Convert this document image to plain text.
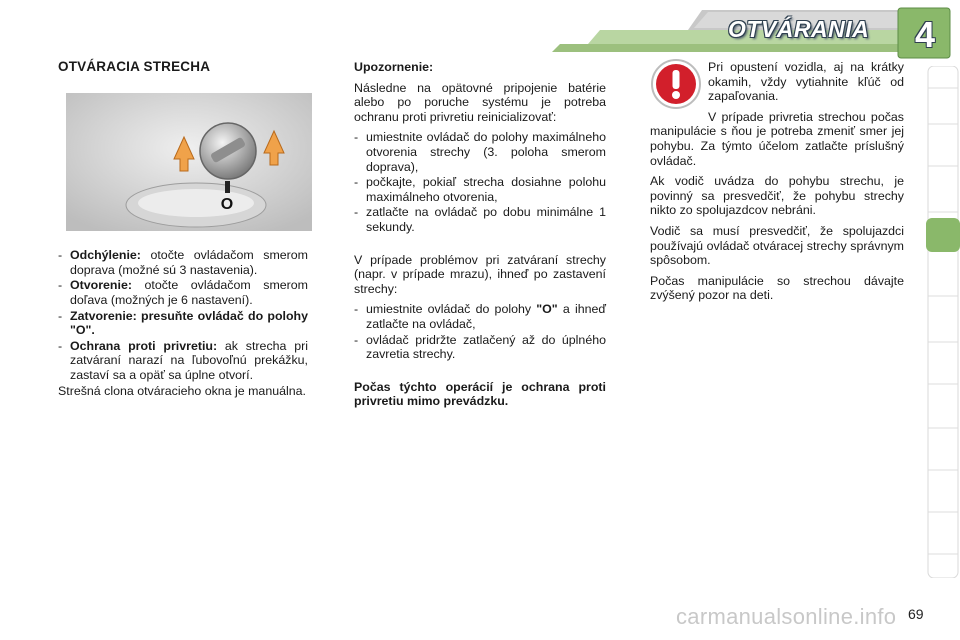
OTVÁRANIA	4

OTVÁRACIA STRECHA

O
- Odchýlenie: otočte ovládačom smerom doprava (možné sú 3 nastavenia).
- Otvorenie: otočte ovládačom smerom doľava (možných je 6 nastavení).
- Zatvorenie: presuňte ovládač do polohy "O".
- Ochrana proti privretiu: ak strecha pri zatváraní narazí na ľubovoľnú prekážku, zastaví sa a opäť sa úplne otvorí.

Strešná clona otváracieho okna je manuálna.

Upozornenie:

Následne na opätovné pripojenie batérie alebo po poruche systému je potreba ochranu proti privretiu reinicializovať:

- umiestnite ovládač do polohy maximálneho otvorenia strechy (3. poloha smerom doprava),
- počkajte, pokiaľ strecha dosiahne polohu maximálneho otvorenia,
- zatlačte na ovládač po dobu minimálne 1 sekundy.

V prípade problémov pri zatváraní strechy (napr. v prípade mrazu), ihneď po zastavení strechy:

- umiestnite ovládač do polohy "O" a ihneď zatlačte na ovládač,
- ovládač pridržte zatlačený až do úplného zavretia strechy.

Počas týchto operácií je ochrana proti privretiu mimo prevádzku.

Pri opustení vozidla, aj na krátky okamih, vždy vytiahnite kľúč od zapaľovania.

V prípade privretia strechou počas manipulácie s ňou je potreba zmeniť smer jej pohybu. Za týmto účelom zatlačte príslušný ovládač.

Ak vodič uvádza do pohybu strechu, je povinný sa presvedčiť, že pohybu strechy nikto zo spolujazdcov nebráni.

Vodič sa musí presvedčiť, že spolujazdci používajú ovládač otváracej strechy správnym spôsobom.

Počas manipulácie so strechou dávajte zvýšený pozor na deti.

carmanualsonline.info 69
